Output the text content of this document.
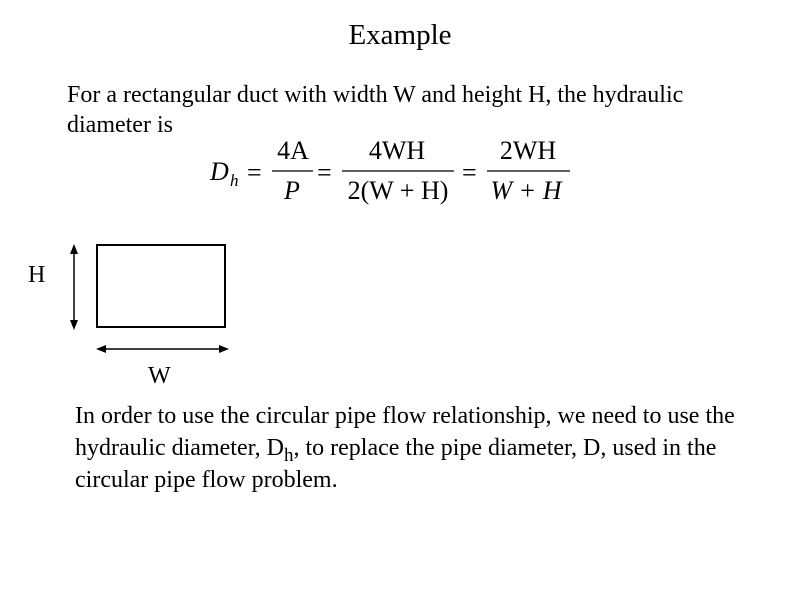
Example
For a rectangular duct with width W and height H, the hydraulic diameter is
D h =
4A
P
=
4WH
2(W + H)
=
2WH
W + H
H
W
In order to use the circular pipe flow relationship, we need to use the hydraulic diameter, $D_h$, to replace the pipe diameter, D, used in the circular pipe flow problem.
